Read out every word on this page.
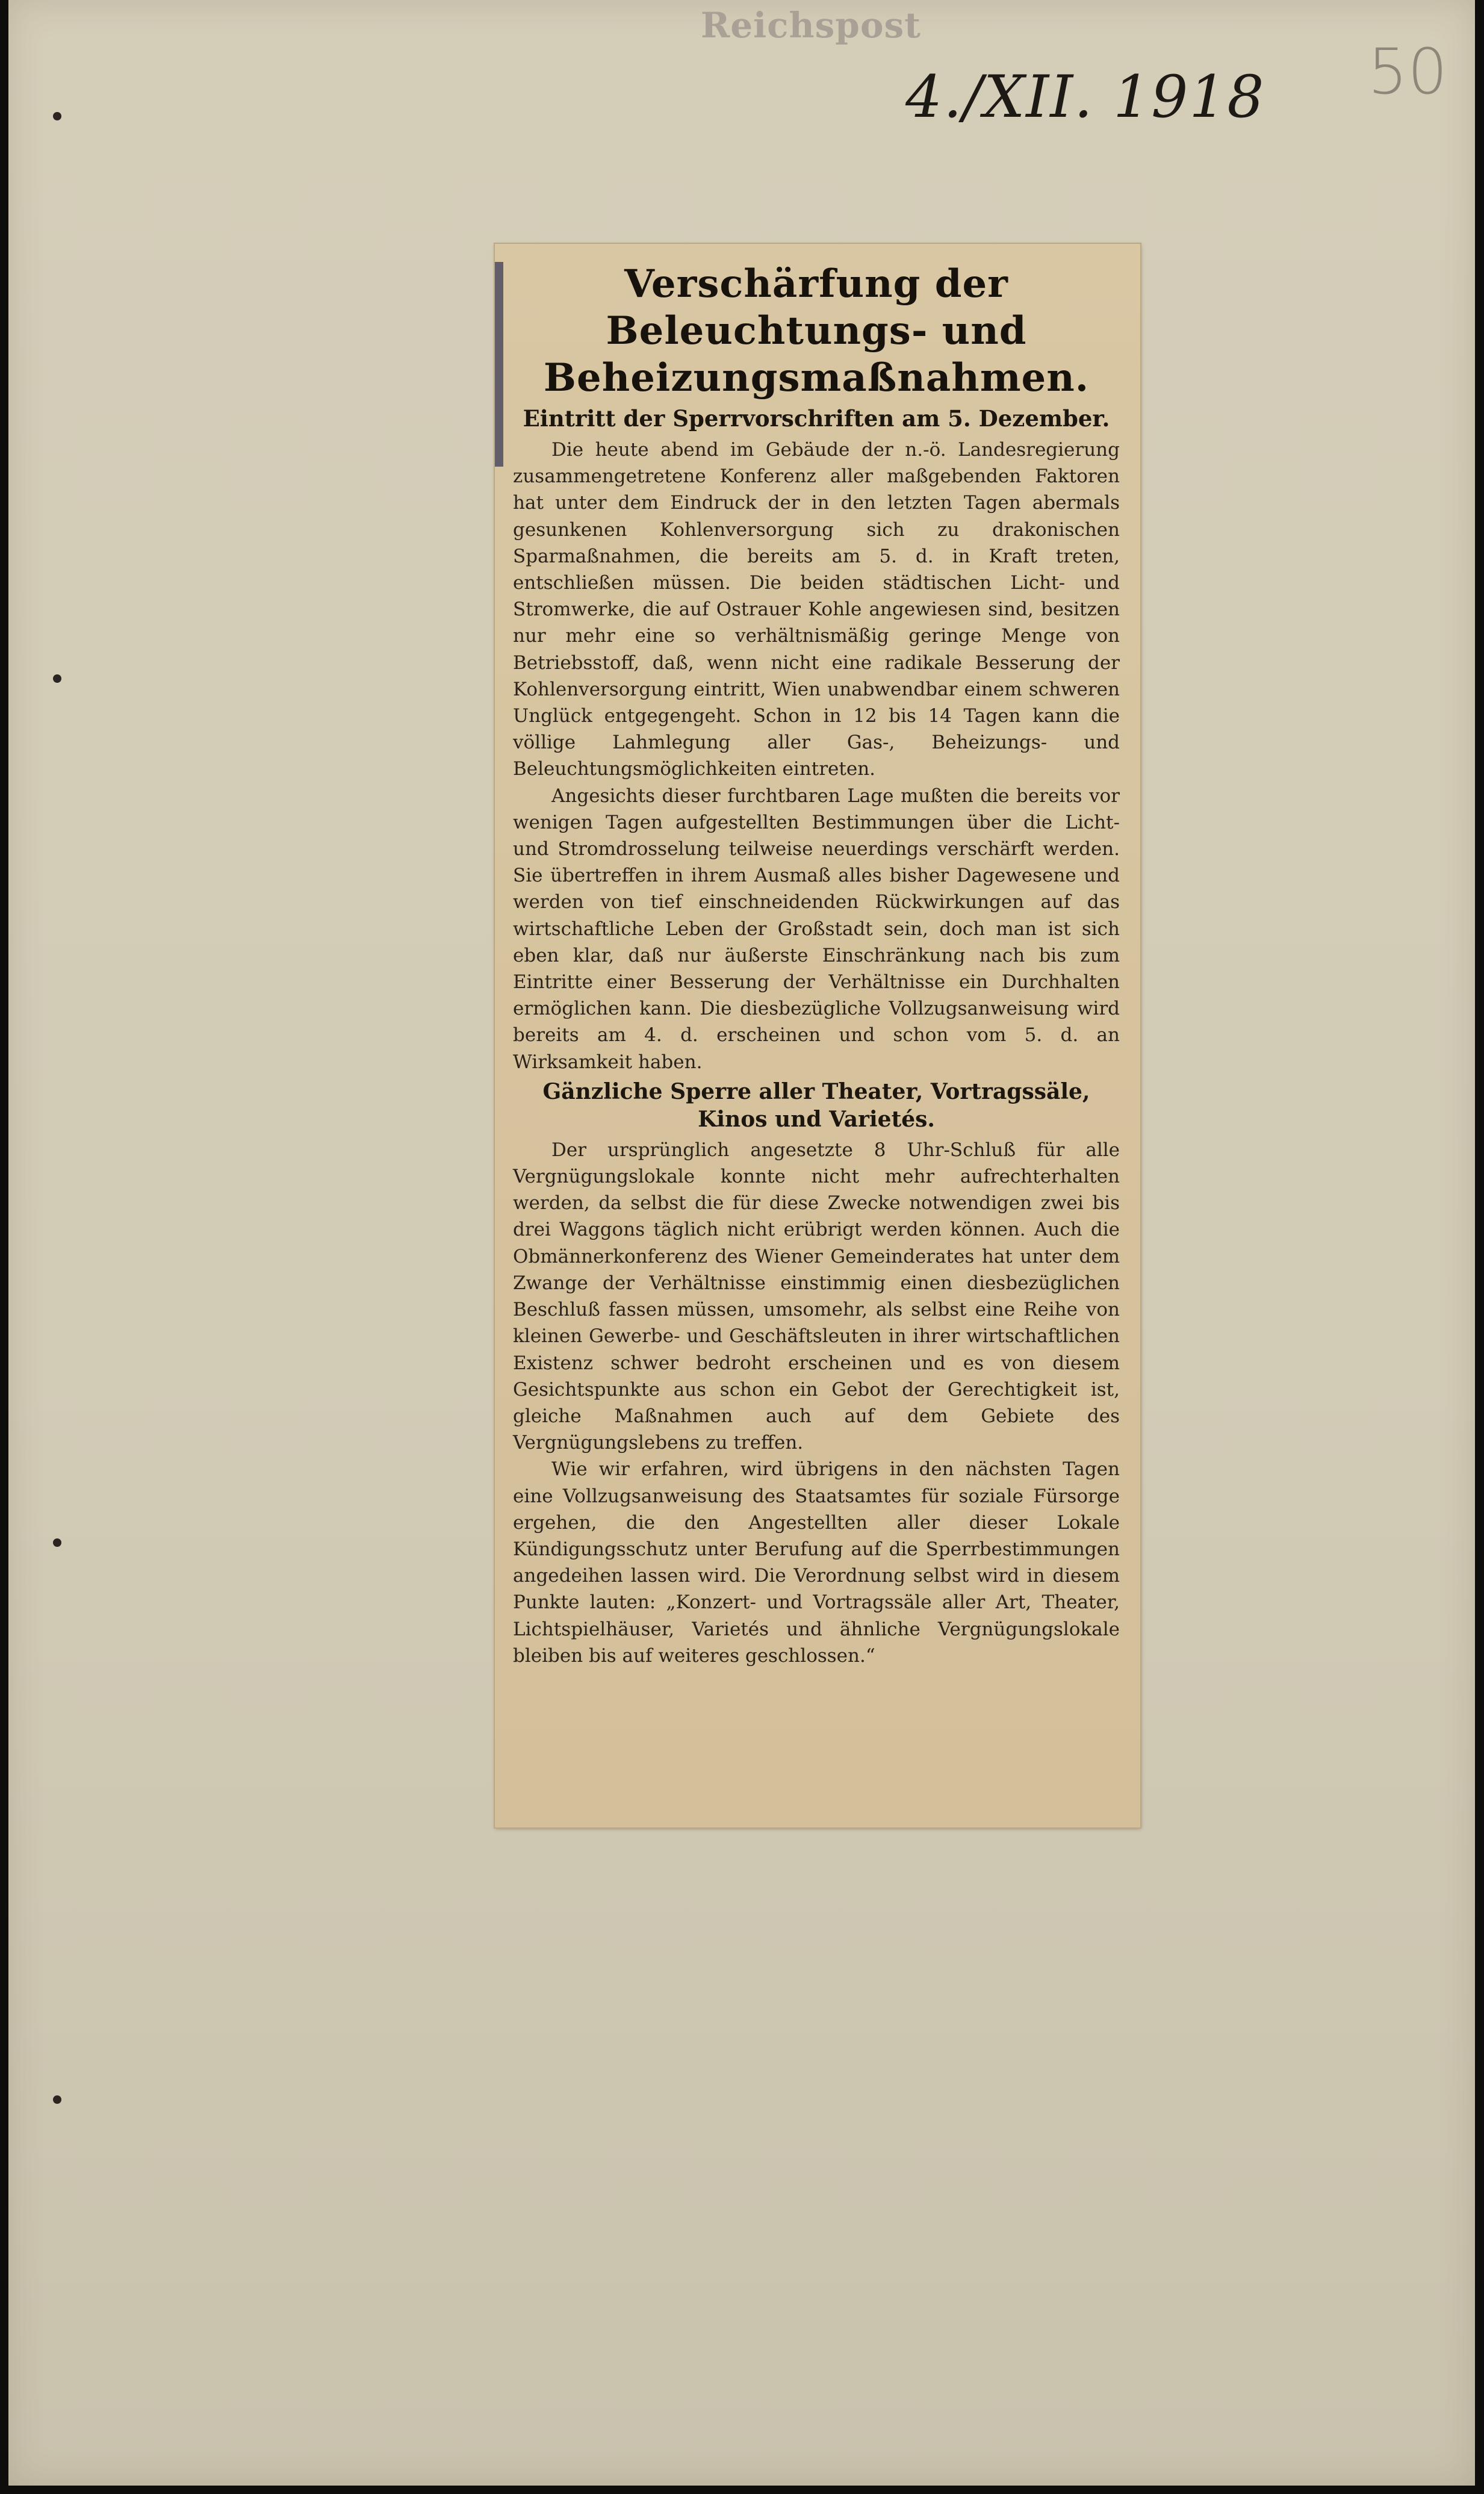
Reichspost
4./XII. 1918 50
Verschärfung der Beleuchtungs- und Beheizungsmaßnahmen.
Eintritt der Sperrvorschriften am 5. Dezember.

Die heute abend im Gebäude der n.-ö. Landesregierung zusammengetretene Konferenz aller maßgebenden Faktoren hat unter dem Eindruck der in den letzten Tagen abermals gesunkenen Kohlenversorgung sich zu drakonischen Sparmaßnahmen, die bereits am 5. d. in Kraft treten, entschließen müssen. Die beiden städtischen Licht- und Stromwerke, die auf Ostrauer Kohle angewiesen sind, besitzen nur mehr eine so verhältnismäßig geringe Menge von Betriebsstoff, daß, wenn nicht eine radikale Besserung der Kohlenversorgung eintritt, Wien unabwendbar einem schweren Unglück entgegengeht. Schon in 12 bis 14 Tagen kann die völlige Lahmlegung aller Gas-, Beheizungs- und Beleuchtungsmöglichkeiten eintreten.

Angesichts dieser furchtbaren Lage mußten die bereits vor wenigen Tagen aufgestellten Bestimmungen über die Licht- und Stromdrosselung teilweise neuerdings verschärft werden. Sie übertreffen in ihrem Ausmaß alles bisher Dagewesene und werden von tief einschneidenden Rückwirkungen auf das wirtschaftliche Leben der Großstadt sein, doch man ist sich eben klar, daß nur äußerste Einschränkung nach bis zum Eintritte einer Besserung der Verhältnisse ein Durchhalten ermöglichen kann. Die diesbezügliche Vollzugsanweisung wird bereits am 4. d. erscheinen und schon vom 5. d. an Wirksamkeit haben.

Gänzliche Sperre aller Theater, Vortragssäle, Kinos und Varietés.

Der ursprünglich angesetzte 8 Uhr-Schluß für alle Vergnügungslokale konnte nicht mehr aufrechterhalten werden, da selbst die für diese Zwecke notwendigen zwei bis drei Waggons täglich nicht erübrigt werden können. Auch die Obmännerkonferenz des Wiener Gemeinderates hat unter dem Zwange der Verhältnisse einstimmig einen diesbezüglichen Beschluß fassen müssen, umsomehr, als selbst eine Reihe von kleinen Gewerbe- und Geschäftsleuten in ihrer wirtschaftlichen Existenz schwer bedroht erscheinen und es von diesem Gesichtspunkte aus schon ein Gebot der Gerechtigkeit ist, gleiche Maßnahmen auch auf dem Gebiete des Vergnügungslebens zu treffen.

Wie wir erfahren, wird übrigens in den nächsten Tagen eine Vollzugsanweisung des Staatsamtes für soziale Fürsorge ergehen, die den Angestellten aller dieser Lokale Kündigungsschutz unter Berufung auf die Sperrbestimmungen angedeihen lassen wird. Die Verordnung selbst wird in diesem Punkte lauten: „Konzert- und Vortragssäle aller Art, Theater, Lichtspielhäuser, Varietés und ähnliche Vergnügungslokale bleiben bis auf weiteres geschlossen.“
